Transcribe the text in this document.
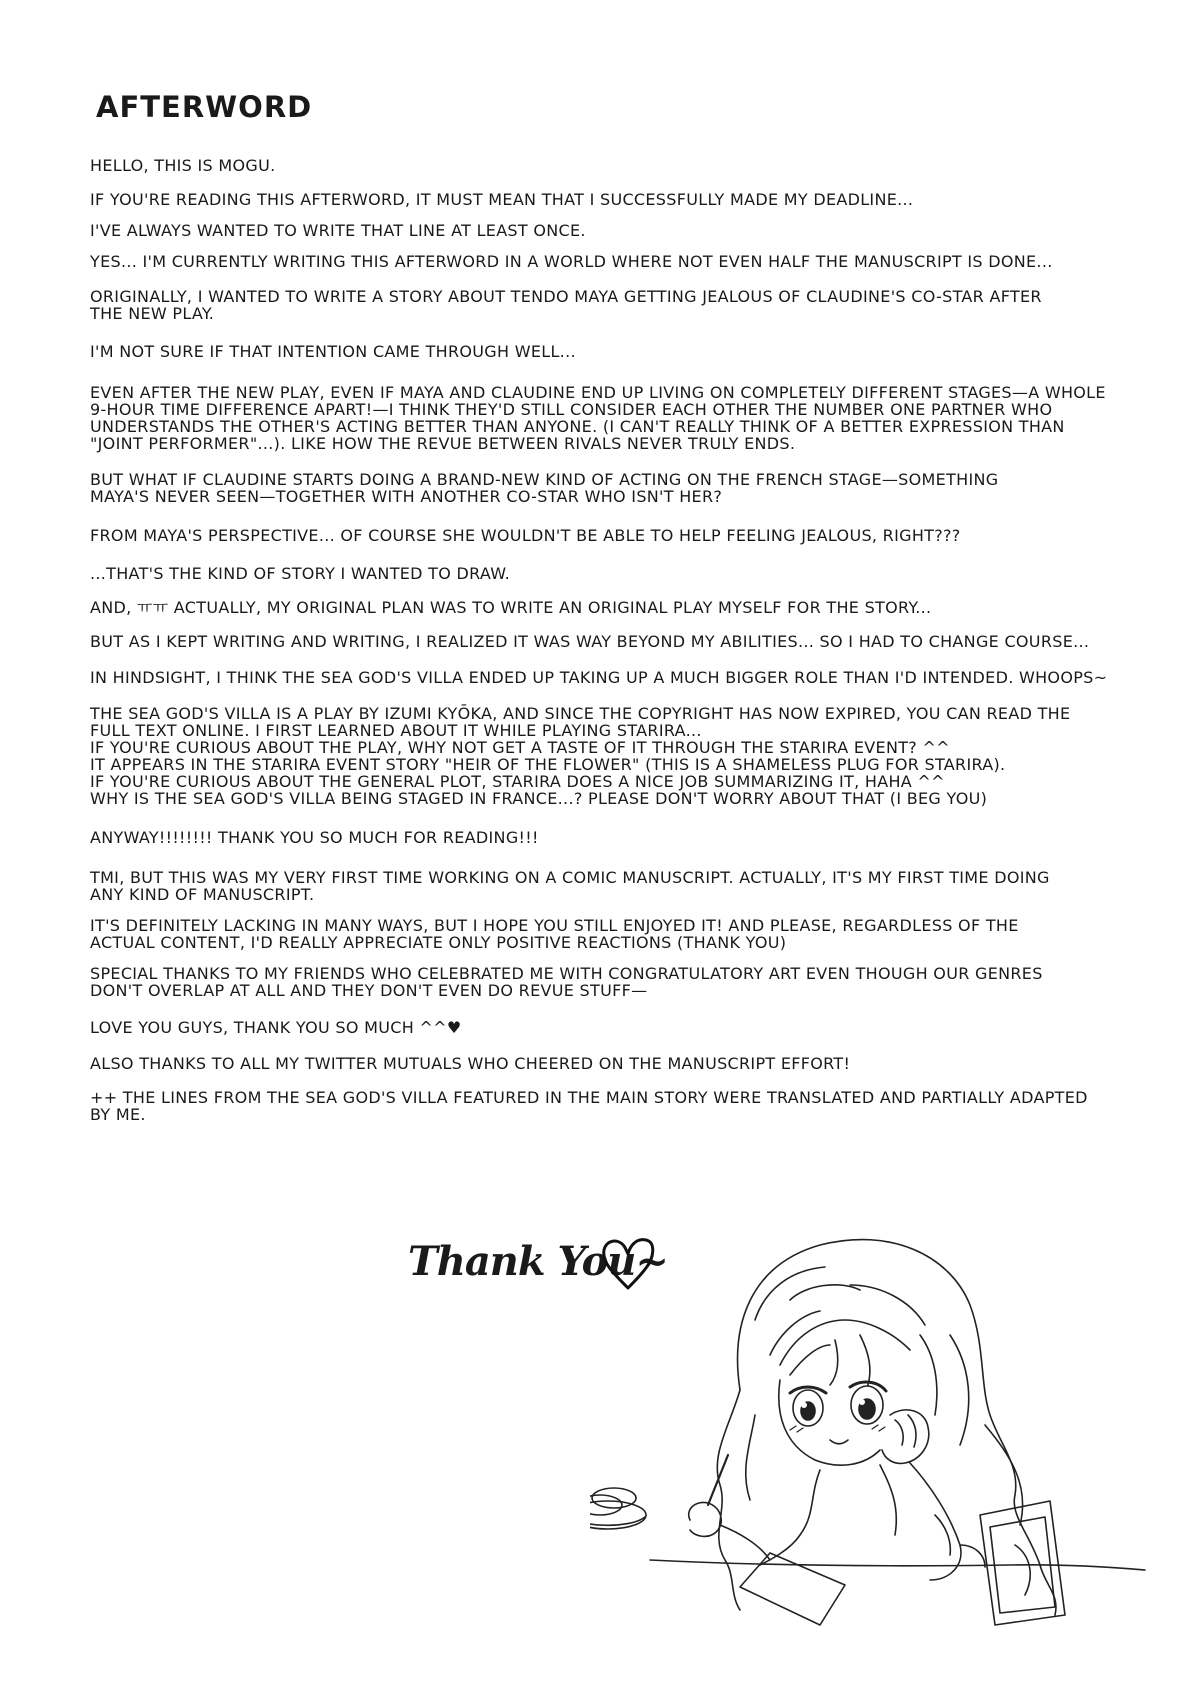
AFTERWORD

HELLO, THIS IS MOGU.

IF YOU'RE READING THIS AFTERWORD, IT MUST MEAN THAT I SUCCESSFULLY MADE MY DEADLINE...

I'VE ALWAYS WANTED TO WRITE THAT LINE AT LEAST ONCE.

YES... I'M CURRENTLY WRITING THIS AFTERWORD IN A WORLD WHERE NOT EVEN HALF THE MANUSCRIPT IS DONE...

ORIGINALLY, I WANTED TO WRITE A STORY ABOUT TENDO MAYA GETTING JEALOUS OF CLAUDINE'S CO-STAR AFTER
THE NEW PLAY.

I'M NOT SURE IF THAT INTENTION CAME THROUGH WELL...

EVEN AFTER THE NEW PLAY, EVEN IF MAYA AND CLAUDINE END UP LIVING ON COMPLETELY DIFFERENT STAGES—A WHOLE
9-HOUR TIME DIFFERENCE APART!—I THINK THEY'D STILL CONSIDER EACH OTHER THE NUMBER ONE PARTNER WHO
UNDERSTANDS THE OTHER'S ACTING BETTER THAN ANYONE. (I CAN'T REALLY THINK OF A BETTER EXPRESSION THAN
"JOINT PERFORMER"...). LIKE HOW THE REVUE BETWEEN RIVALS NEVER TRULY ENDS.

BUT WHAT IF CLAUDINE STARTS DOING A BRAND-NEW KIND OF ACTING ON THE FRENCH STAGE—SOMETHING
MAYA'S NEVER SEEN—TOGETHER WITH ANOTHER CO-STAR WHO ISN'T HER?

FROM MAYA'S PERSPECTIVE... OF COURSE SHE WOULDN'T BE ABLE TO HELP FEELING JEALOUS, RIGHT???

...THAT'S THE KIND OF STORY I WANTED TO DRAW.

AND, ㅠㅠ ACTUALLY, MY ORIGINAL PLAN WAS TO WRITE AN ORIGINAL PLAY MYSELF FOR THE STORY...

BUT AS I KEPT WRITING AND WRITING, I REALIZED IT WAS WAY BEYOND MY ABILITIES... SO I HAD TO CHANGE COURSE...

IN HINDSIGHT, I THINK THE SEA GOD'S VILLA ENDED UP TAKING UP A MUCH BIGGER ROLE THAN I'D INTENDED. WHOOPS~

THE SEA GOD'S VILLA IS A PLAY BY IZUMI KYŌKA, AND SINCE THE COPYRIGHT HAS NOW EXPIRED, YOU CAN READ THE
FULL TEXT ONLINE. I FIRST LEARNED ABOUT IT WHILE PLAYING STARIRA...
IF YOU'RE CURIOUS ABOUT THE PLAY, WHY NOT GET A TASTE OF IT THROUGH THE STARIRA EVENT? ^^
IT APPEARS IN THE STARIRA EVENT STORY "HEIR OF THE FLOWER" (THIS IS A SHAMELESS PLUG FOR STARIRA).
IF YOU'RE CURIOUS ABOUT THE GENERAL PLOT, STARIRA DOES A NICE JOB SUMMARIZING IT, HAHA ^^
WHY IS THE SEA GOD'S VILLA BEING STAGED IN FRANCE...? PLEASE DON'T WORRY ABOUT THAT (I BEG YOU)

ANYWAY!!!!!!!! THANK YOU SO MUCH FOR READING!!!

TMI, BUT THIS WAS MY VERY FIRST TIME WORKING ON A COMIC MANUSCRIPT. ACTUALLY, IT'S MY FIRST TIME DOING
ANY KIND OF MANUSCRIPT.

IT'S DEFINITELY LACKING IN MANY WAYS, BUT I HOPE YOU STILL ENJOYED IT! AND PLEASE, REGARDLESS OF THE
ACTUAL CONTENT, I'D REALLY APPRECIATE ONLY POSITIVE REACTIONS (THANK YOU)

SPECIAL THANKS TO MY FRIENDS WHO CELEBRATED ME WITH CONGRATULATORY ART EVEN THOUGH OUR GENRES
DON'T OVERLAP AT ALL AND THEY DON'T EVEN DO REVUE STUFF—

LOVE YOU GUYS, THANK YOU SO MUCH ^^♥

ALSO THANKS TO ALL MY TWITTER MUTUALS WHO CHEERED ON THE MANUSCRIPT EFFORT!

++ THE LINES FROM THE SEA GOD'S VILLA FEATURED IN THE MAIN STORY WERE TRANSLATED AND PARTIALLY ADAPTED
BY ME.

Thank You~
